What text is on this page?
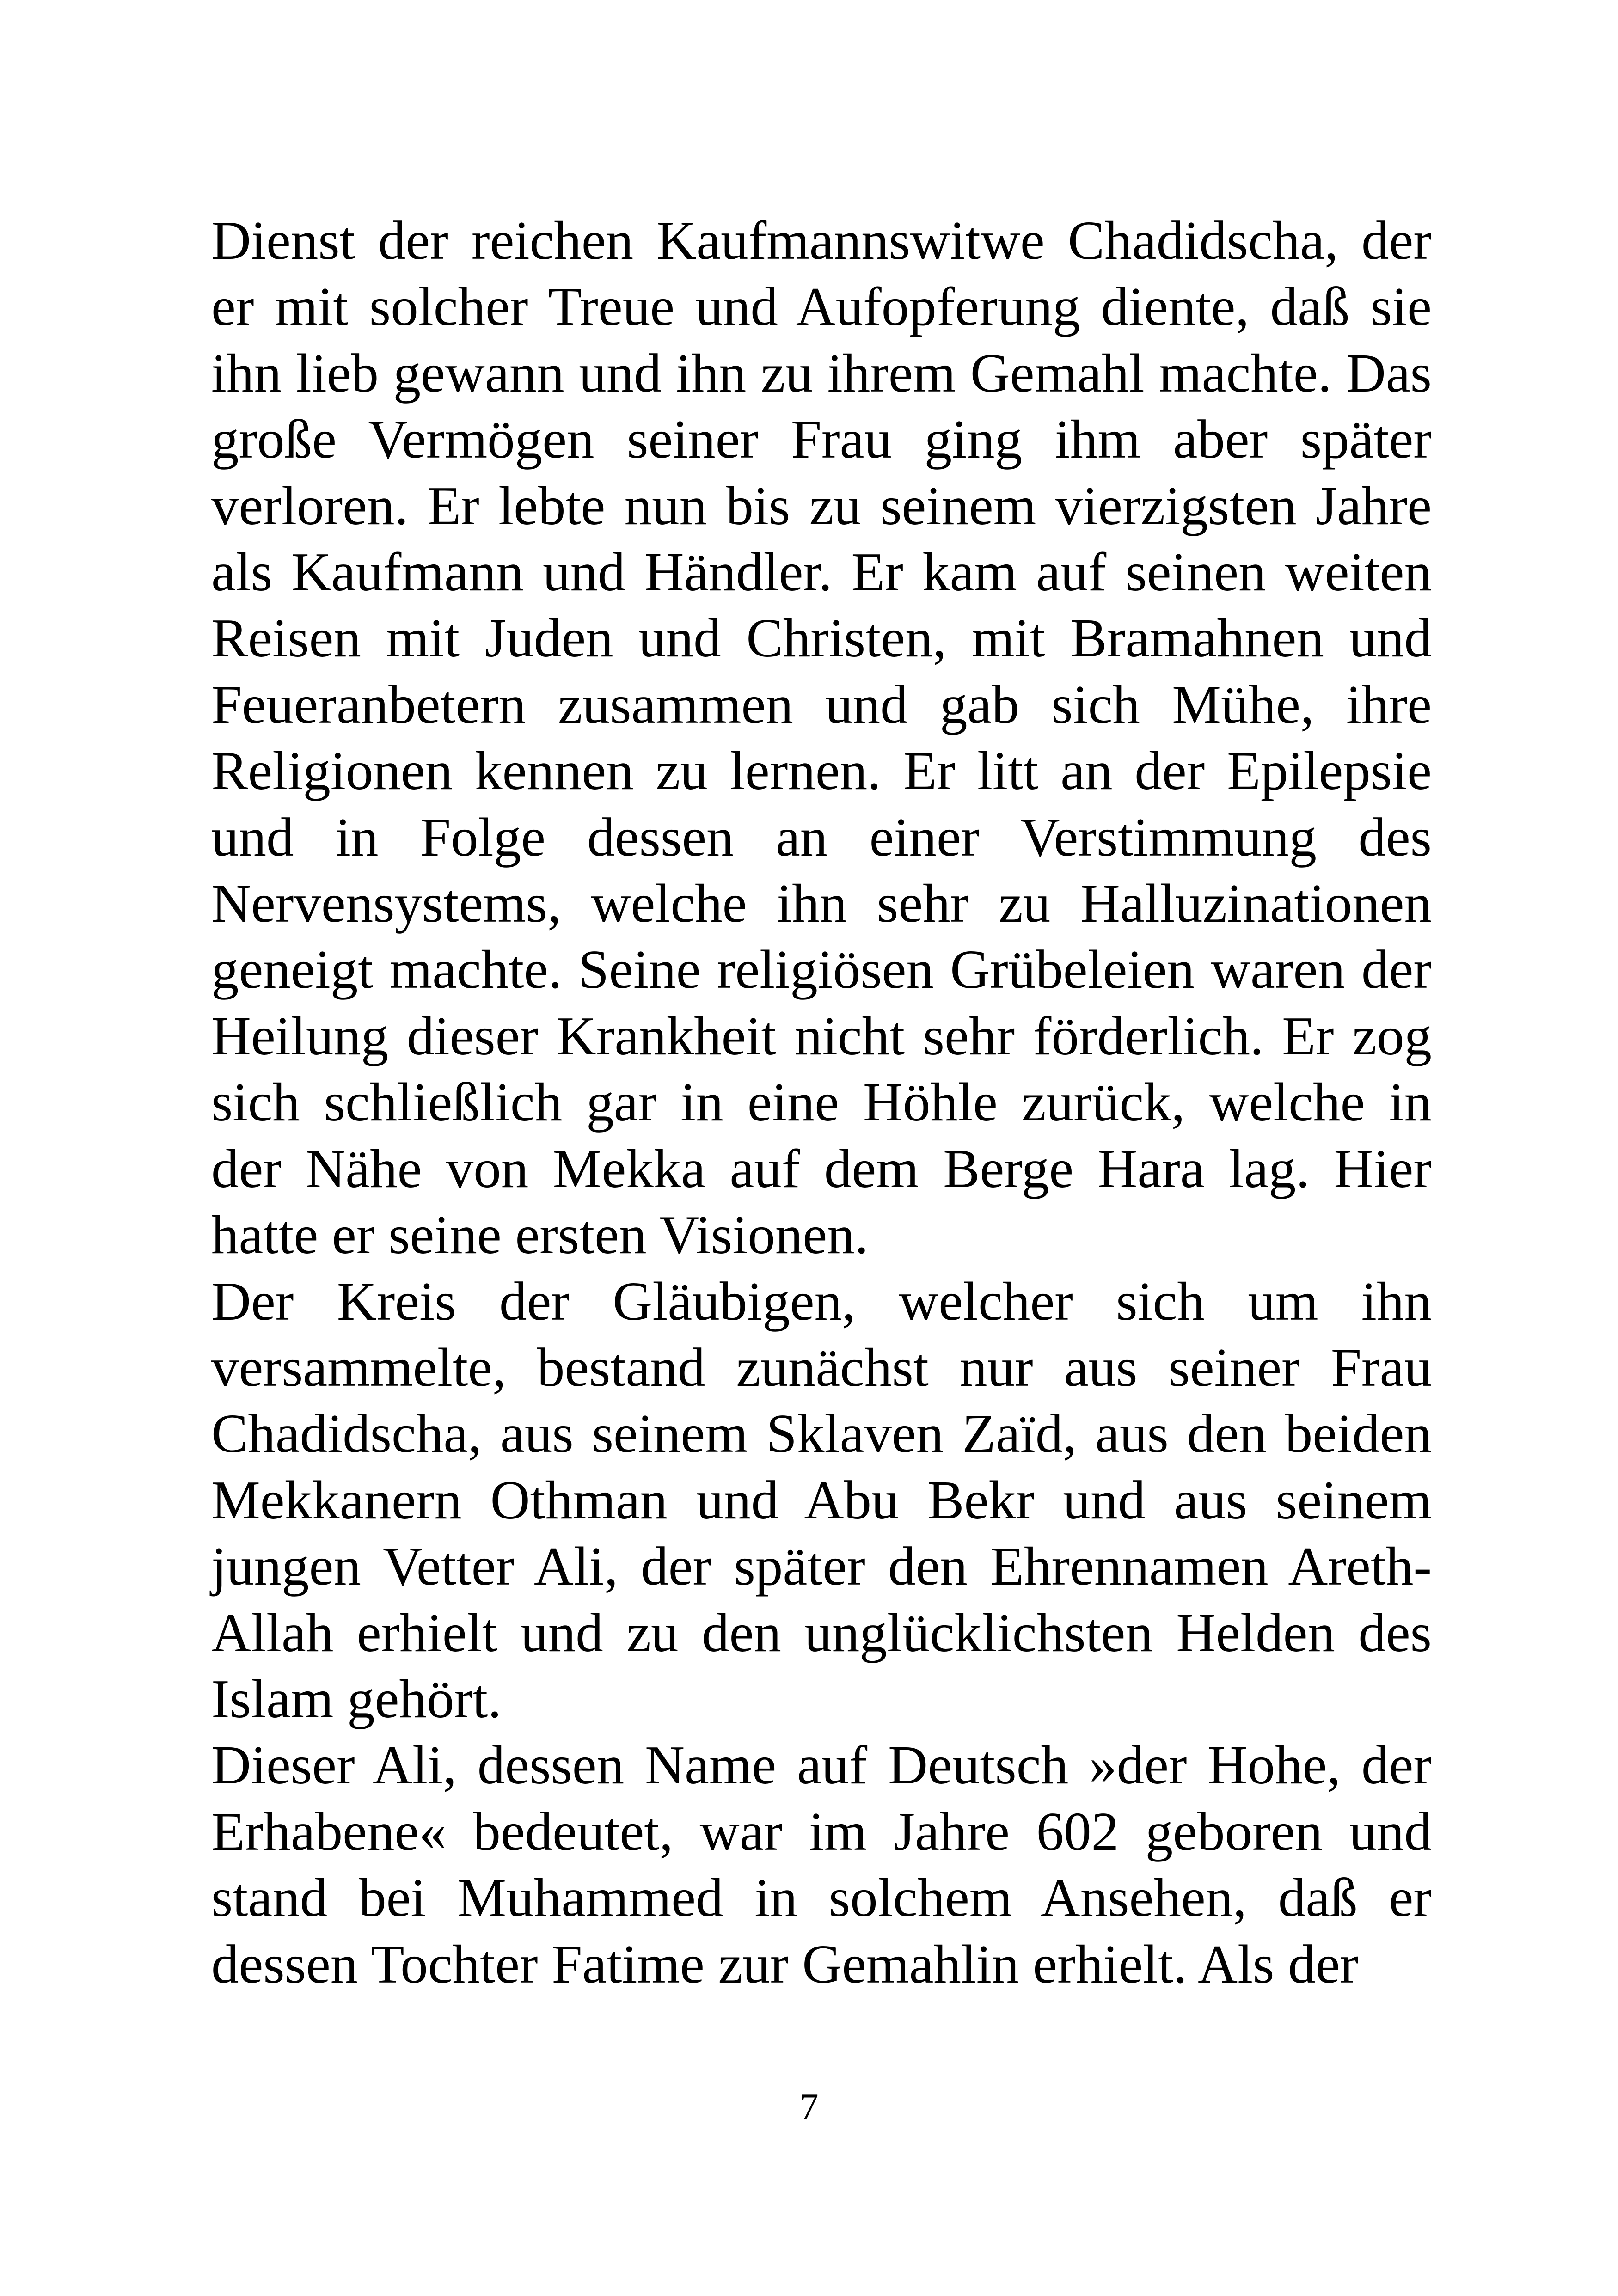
Dienst der reichen Kaufmannswitwe Chadidscha, der er mit solcher Treue und Aufopferung diente, daß sie ihn lieb gewann und ihn zu ihrem Gemahl machte. Das große Vermögen seiner Frau ging ihm aber später verloren. Er lebte nun bis zu seinem vierzigsten Jahre als Kaufmann und Händler. Er kam auf seinen weiten Reisen mit Juden und Christen, mit Bramahnen und Feueranbetern zusammen und gab sich Mühe, ihre Religionen kennen zu lernen. Er litt an der Epilepsie und in Folge dessen an einer Verstimmung des Nervensystems, welche ihn sehr zu Halluzinationen geneigt machte. Seine religiösen Grübeleien waren der Heilung dieser Krankheit nicht sehr förderlich. Er zog sich schließlich gar in eine Höhle zurück, welche in der Nähe von Mekka auf dem Berge Hara lag. Hier hatte er seine ersten Visionen.

Der Kreis der Gläubigen, welcher sich um ihn versammelte, bestand zunächst nur aus seiner Frau Chadidscha, aus seinem Sklaven Zaïd, aus den beiden Mekkanern Othman und Abu Bekr und aus seinem jungen Vetter Ali, der später den Ehrennamen Areth-Allah erhielt und zu den unglücklichsten Helden des Islam gehört.

Dieser Ali, dessen Name auf Deutsch »der Hohe, der Erhabene« bedeutet, war im Jahre 602 geboren und stand bei Muhammed in solchem Ansehen, daß er dessen Tochter Fatime zur Gemahlin erhielt. Als der

7
